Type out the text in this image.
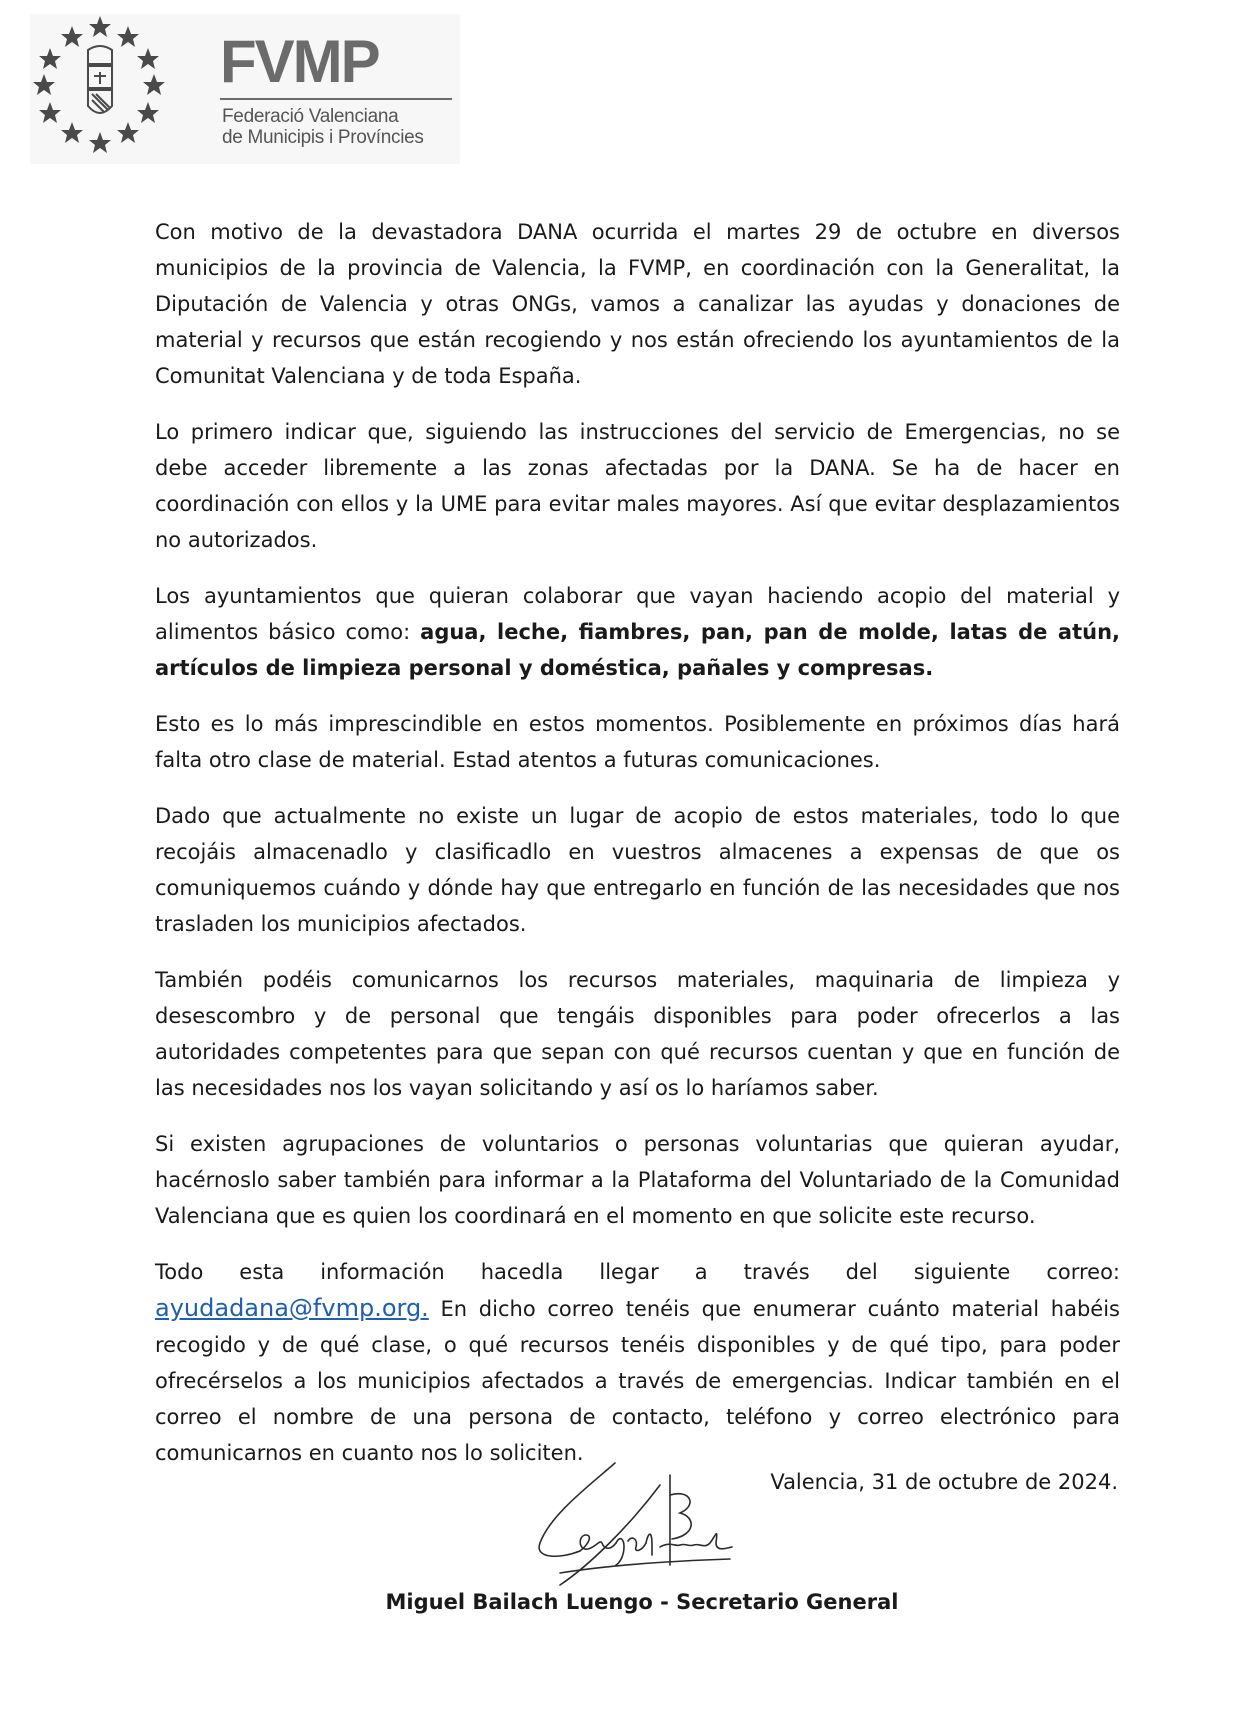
FVMP
Federació Valenciana
de Municipis i Províncies

Con motivo de la devastadora DANA ocurrida el martes 29 de octubre en diversos municipios de la provincia de Valencia, la FVMP, en coordinación con la Generalitat, la Diputación de Valencia y otras ONGs, vamos a canalizar las ayudas y donaciones de material y recursos que están recogiendo y nos están ofreciendo los ayuntamientos de la Comunitat Valenciana y de toda España.

Lo primero indicar que, siguiendo las instrucciones del servicio de Emergencias, no se debe acceder libremente a las zonas afectadas por la DANA. Se ha de hacer en coordinación con ellos y la UME para evitar males mayores. Así que evitar desplazamientos no autorizados.

Los ayuntamientos que quieran colaborar que vayan haciendo acopio del material y alimentos básico como: agua, leche, fiambres, pan, pan de molde, latas de atún, artículos de limpieza personal y doméstica, pañales y compresas.

Esto es lo más imprescindible en estos momentos. Posiblemente en próximos días hará falta otro clase de material. Estad atentos a futuras comunicaciones.

Dado que actualmente no existe un lugar de acopio de estos materiales, todo lo que recojáis almacenadlo y clasificadlo en vuestros almacenes a expensas de que os comuniquemos cuándo y dónde hay que entregarlo en función de las necesidades que nos trasladen los municipios afectados.

También podéis comunicarnos los recursos materiales, maquinaria de limpieza y desescombro y de personal que tengáis disponibles para poder ofrecerlos a las autoridades competentes para que sepan con qué recursos cuentan y que en función de las necesidades nos los vayan solicitando y así os lo haríamos saber.

Si existen agrupaciones de voluntarios o personas voluntarias que quieran ayudar, hacérnoslo saber también para informar a la Plataforma del Voluntariado de la Comunidad Valenciana que es quien los coordinará en el momento en que solicite este recurso.

Todo esta información hacedla llegar a través del siguiente correo: ayudadana@fvmp.org. En dicho correo tenéis que enumerar cuánto material habéis recogido y de qué clase, o qué recursos tenéis disponibles y de qué tipo, para poder ofrecérselos a los municipios afectados a través de emergencias. Indicar también en el correo el nombre de una persona de contacto, teléfono y correo electrónico para comunicarnos en cuanto nos lo soliciten.

Valencia, 31 de octubre de 2024.
Miguel Bailach Luengo - Secretario General
